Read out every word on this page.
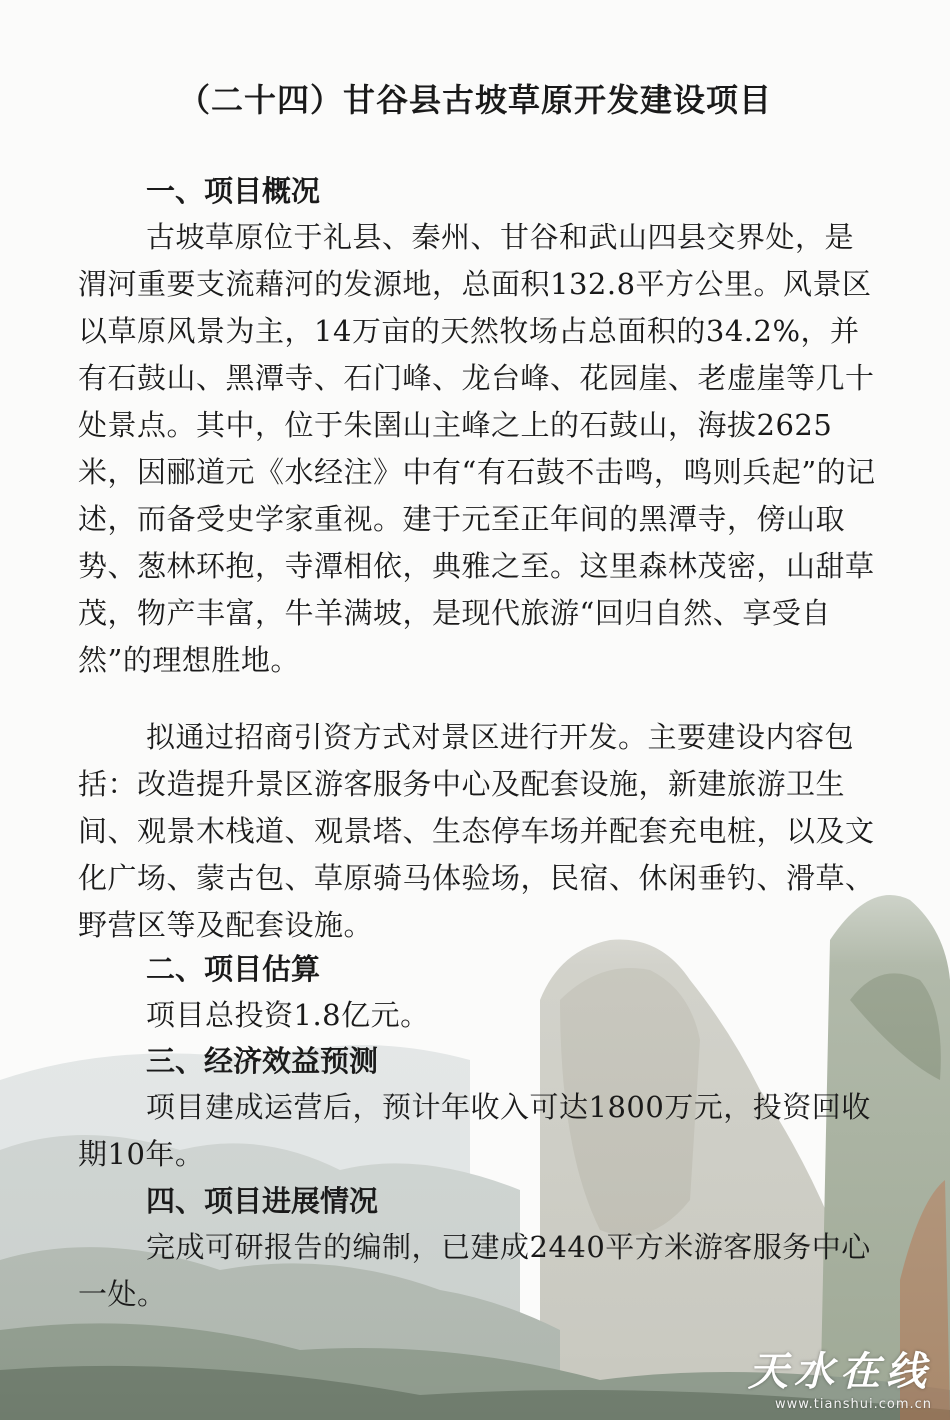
（二十四）甘谷县古坡草原开发建设项目
一、项目概况
古坡草原位于礼县、秦州、甘谷和武山四县交界处，是渭河重要支流藉河的发源地，总面积132.8平方公里。风景区以草原风景为主，14万亩的天然牧场占总面积的34.2%，并有石鼓山、黑潭寺、石门峰、龙台峰、花园崖、老虚崖等几十处景点。其中，位于朱圉山主峰之上的石鼓山，海拔2625米，因郦道元《水经注》中有“有石鼓不击鸣，鸣则兵起”的记述，而备受史学家重视。建于元至正年间的黑潭寺，傍山取势、葱林环抱，寺潭相依，典雅之至。这里森林茂密，山甜草茂，物产丰富，牛羊满坡，是现代旅游“回归自然、享受自然”的理想胜地。
拟通过招商引资方式对景区进行开发。主要建设内容包括：改造提升景区游客服务中心及配套设施，新建旅游卫生间、观景木栈道、观景塔、生态停车场并配套充电桩，以及文化广场、蒙古包、草原骑马体验场，民宿、休闲垂钓、滑草、野营区等及配套设施。
二、项目估算
项目总投资1.8亿元。
三、经济效益预测
项目建成运营后，预计年收入可达1800万元，投资回收期10年。
四、项目进展情况
完成可研报告的编制，已建成2440平方米游客服务中心一处。
天水在线
www.tianshui.com.cn
